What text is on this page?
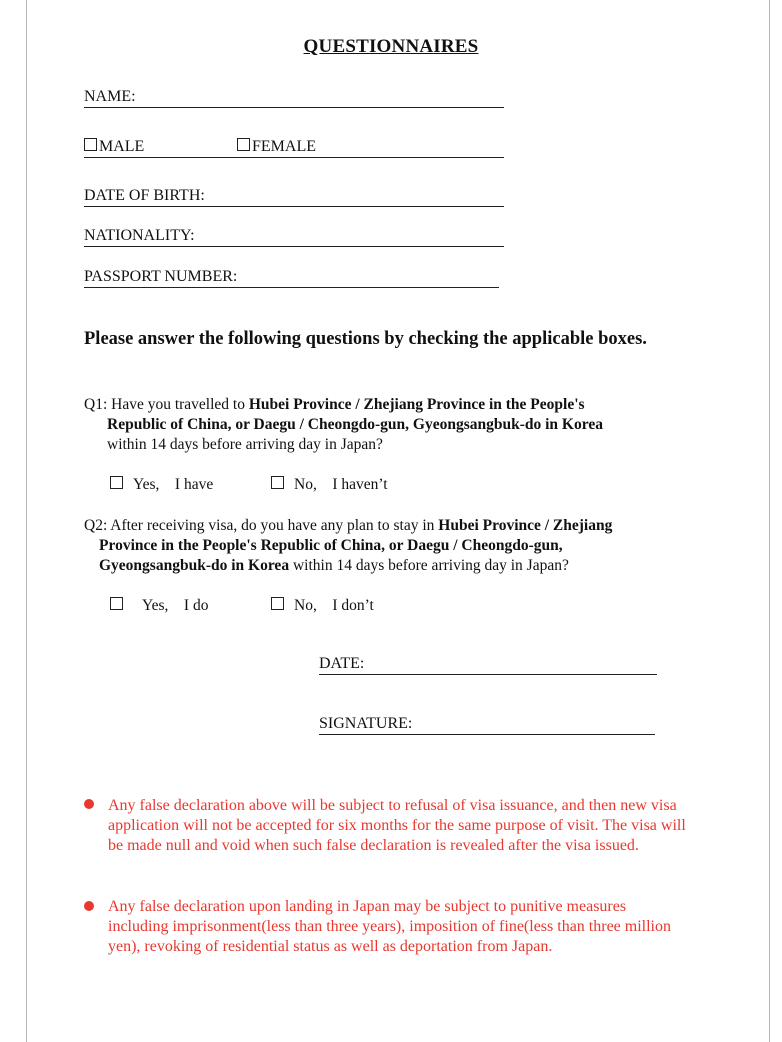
QUESTIONNAIRES
NAME:
MALE	FEMALE
DATE OF BIRTH:
NATIONALITY:
PASSPORT NUMBER:
Please answer the following questions by checking the applicable boxes.
Q1: Have you travelled to Hubei Province / Zhejiang Province in the People's
Republic of China, or Daegu / Cheongdo-gun, Gyeongsangbuk-do in Korea
within 14 days before arriving day in Japan?
Yes, I have	No, I haven’t
Q2: After receiving visa, do you have any plan to stay in Hubei Province / Zhejiang
Province in the People's Republic of China, or Daegu / Cheongdo-gun,
Gyeongsangbuk-do in Korea within 14 days before arriving day in Japan?
Yes, I do	No, I don’t
DATE:
SIGNATURE:
Any false declaration above will be subject to refusal of visa issuance, and then new visa application will not be accepted for six months for the same purpose of visit. The visa will be made null and void when such false declaration is revealed after the visa issued.
Any false declaration upon landing in Japan may be subject to punitive measures including imprisonment(less than three years), imposition of fine(less than three million yen), revoking of residential status as well as deportation from Japan.
